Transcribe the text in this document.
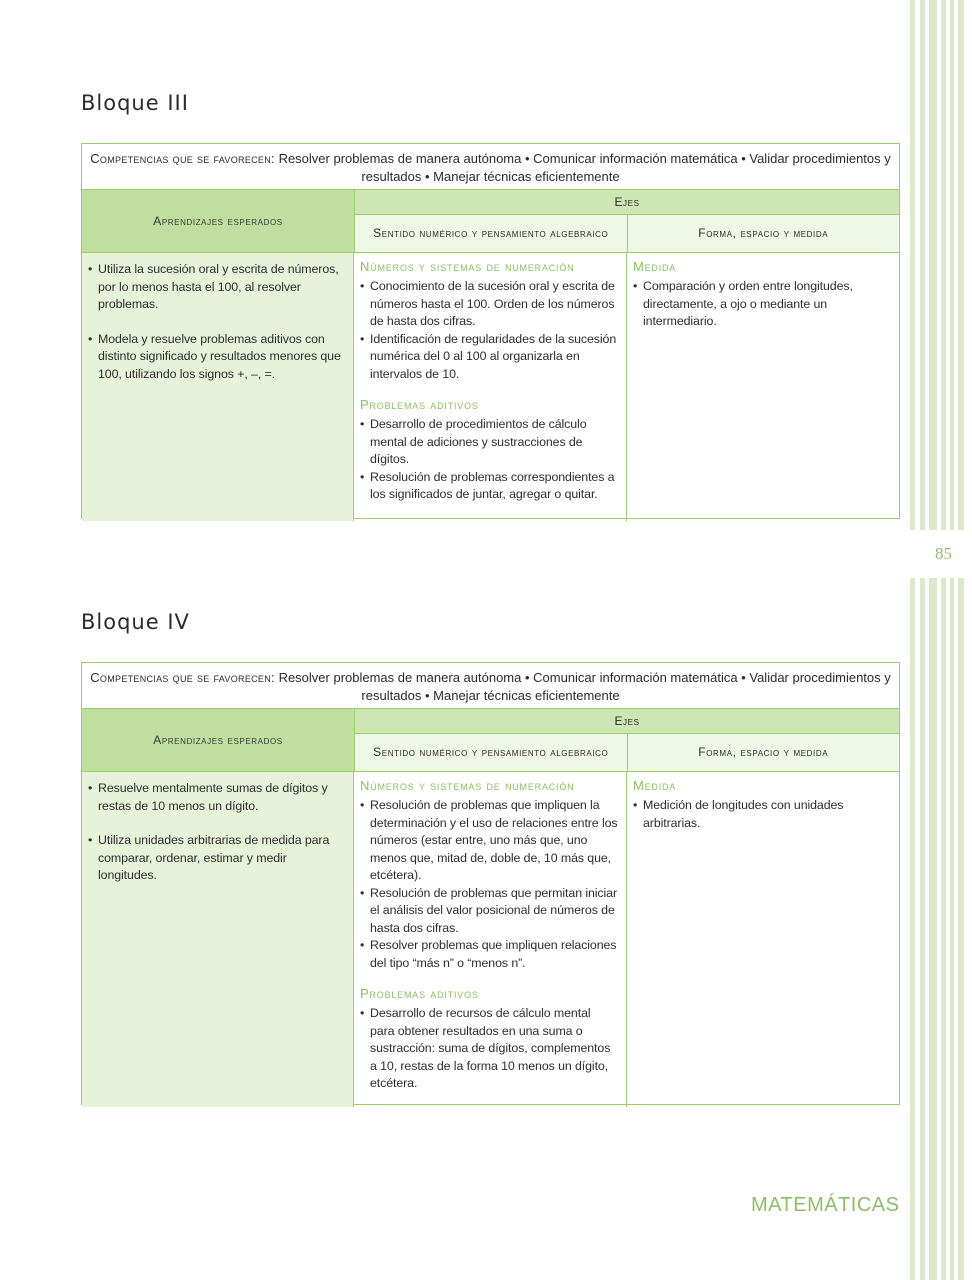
85
MATEMÁTICAS
Bloque III
Competencias que se favorecen: Resolver problemas de manera autónoma • Comunicar información matemática • Validar procedimientos y resultados • Manejar técnicas eficientemente
Aprendizajes esperados
Ejes
Sentido numérico y pensamiento algebraico	Forma, espacio y medida
• Utiliza la sucesión oral y escrita de números, por lo menos hasta el 100, al resolver problemas.
• Modela y resuelve problemas aditivos con distinto significado y resultados menores que 100, utilizando los signos +, –, =.
Números y sistemas de numeración
• Conocimiento de la sucesión oral y escrita de números hasta el 100. Orden de los números de hasta dos cifras.
• Identificación de regularidades de la sucesión numérica del 0 al 100 al organizarla en intervalos de 10.
Problemas aditivos
• Desarrollo de procedimientos de cálculo mental de adiciones y sustracciones de dígitos.
• Resolución de problemas correspondientes a los significados de juntar, agregar o quitar.
Medida
• Comparación y orden entre longitudes, directamente, a ojo o mediante un intermediario.
Bloque IV
Competencias que se favorecen: Resolver problemas de manera autónoma • Comunicar información matemática • Validar procedimientos y resultados • Manejar técnicas eficientemente
Aprendizajes esperados
Ejes
Sentido numérico y pensamiento algebraico	Forma, espacio y medida
• Resuelve mentalmente sumas de dígitos y restas de 10 menos un dígito.
• Utiliza unidades arbitrarias de medida para comparar, ordenar, estimar y medir longitudes.
Números y sistemas de numeración
• Resolución de problemas que impliquen la determinación y el uso de relaciones entre los números (estar entre, uno más que, uno menos que, mitad de, doble de, 10 más que, etcétera).
• Resolución de problemas que permitan iniciar el análisis del valor posicional de números de hasta dos cifras.
• Resolver problemas que impliquen relaciones del tipo “más n” o “menos n”.
Problemas aditivos
• Desarrollo de recursos de cálculo mental para obtener resultados en una suma o sustracción: suma de dígitos, complementos a 10, restas de la forma 10 menos un dígito, etcétera.
Medida
• Medición de longitudes con unidades arbitrarias.
